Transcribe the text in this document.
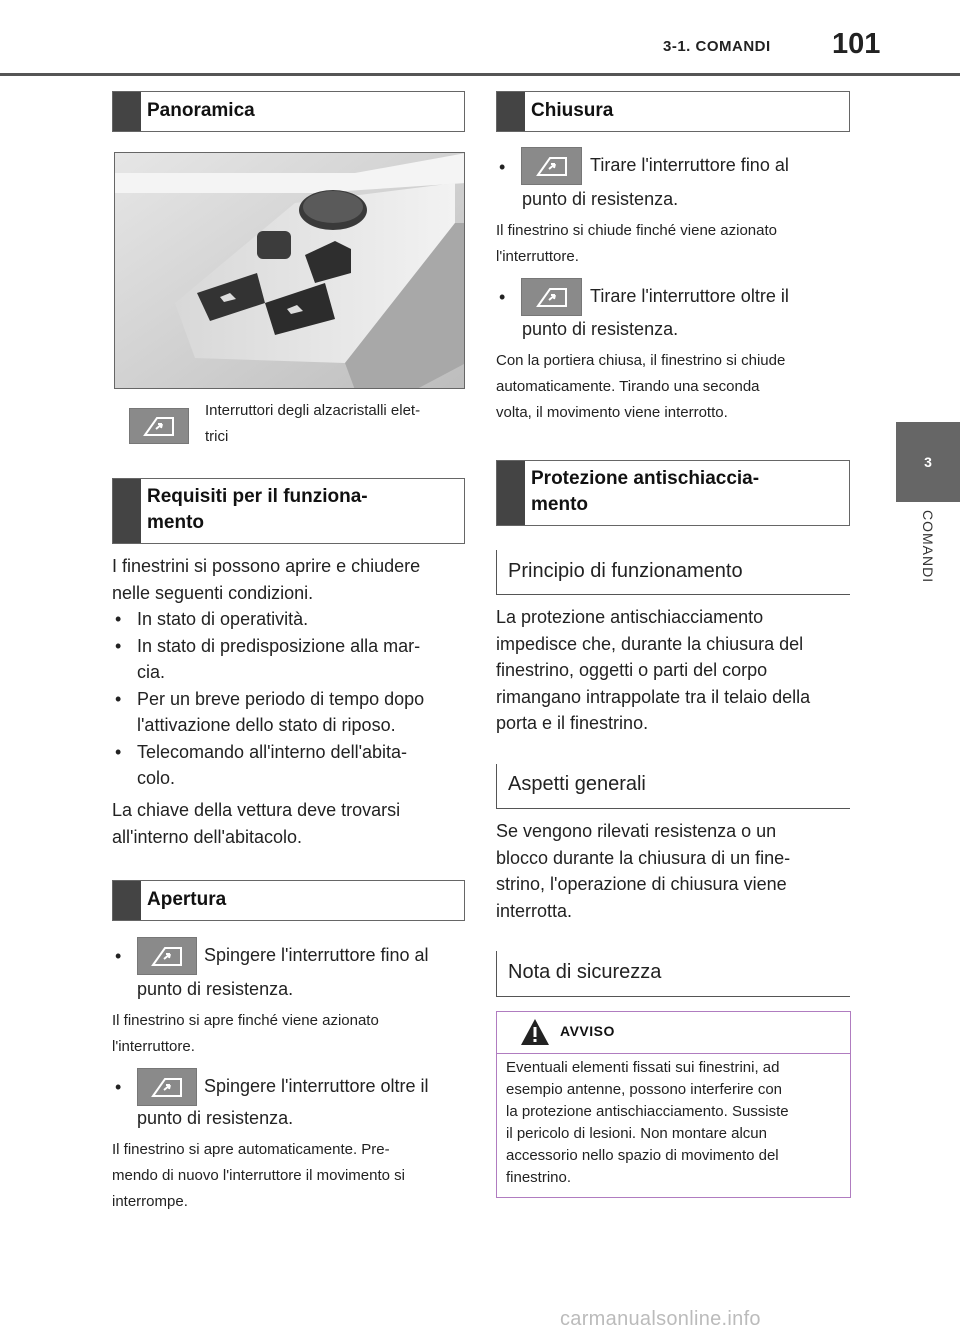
3-1. COMANDI 101
3
COMANDI
Panoramica
Interruttori degli alzacristalli elet-
trici
Requisiti per il funziona-
mento
I finestrini si possono aprire e chiudere
nelle seguenti condizioni.
• In stato di operatività.
• In stato di predisposizione alla mar-
cia.
• Per un breve periodo di tempo dopo
l'attivazione dello stato di riposo.
• Telecomando all'interno dell'abita-
colo.
La chiave della vettura deve trovarsi
all'interno dell'abitacolo.
Apertura
•	Spingere l'interruttore fino al
punto di resistenza.
Il finestrino si apre finché viene azionato
l'interruttore.
•	Spingere l'interruttore oltre il
punto di resistenza.
Il finestrino si apre automaticamente. Pre-
mendo di nuovo l'interruttore il movimento si
interrompe.
Chiusura
•	Tirare l'interruttore fino al
punto di resistenza.
Il finestrino si chiude finché viene azionato
l'interruttore.
•	Tirare l'interruttore oltre il
punto di resistenza.
Con la portiera chiusa, il finestrino si chiude
automaticamente. Tirando una seconda
volta, il movimento viene interrotto.
Protezione antischiaccia-
mento
Principio di funzionamento
La protezione antischiacciamento
impedisce che, durante la chiusura del
finestrino, oggetti o parti del corpo
rimangano intrappolate tra il telaio della
porta e il finestrino.
Aspetti generali
Se vengono rilevati resistenza o un
blocco durante la chiusura di un fine-
strino, l'operazione di chiusura viene
interrotta.
Nota di sicurezza
AVVISO
Eventuali elementi fissati sui finestrini, ad
esempio antenne, possono interferire con
la protezione antischiacciamento. Sussiste
il pericolo di lesioni. Non montare alcun
accessorio nello spazio di movimento del
finestrino.
carmanualsonline.info
